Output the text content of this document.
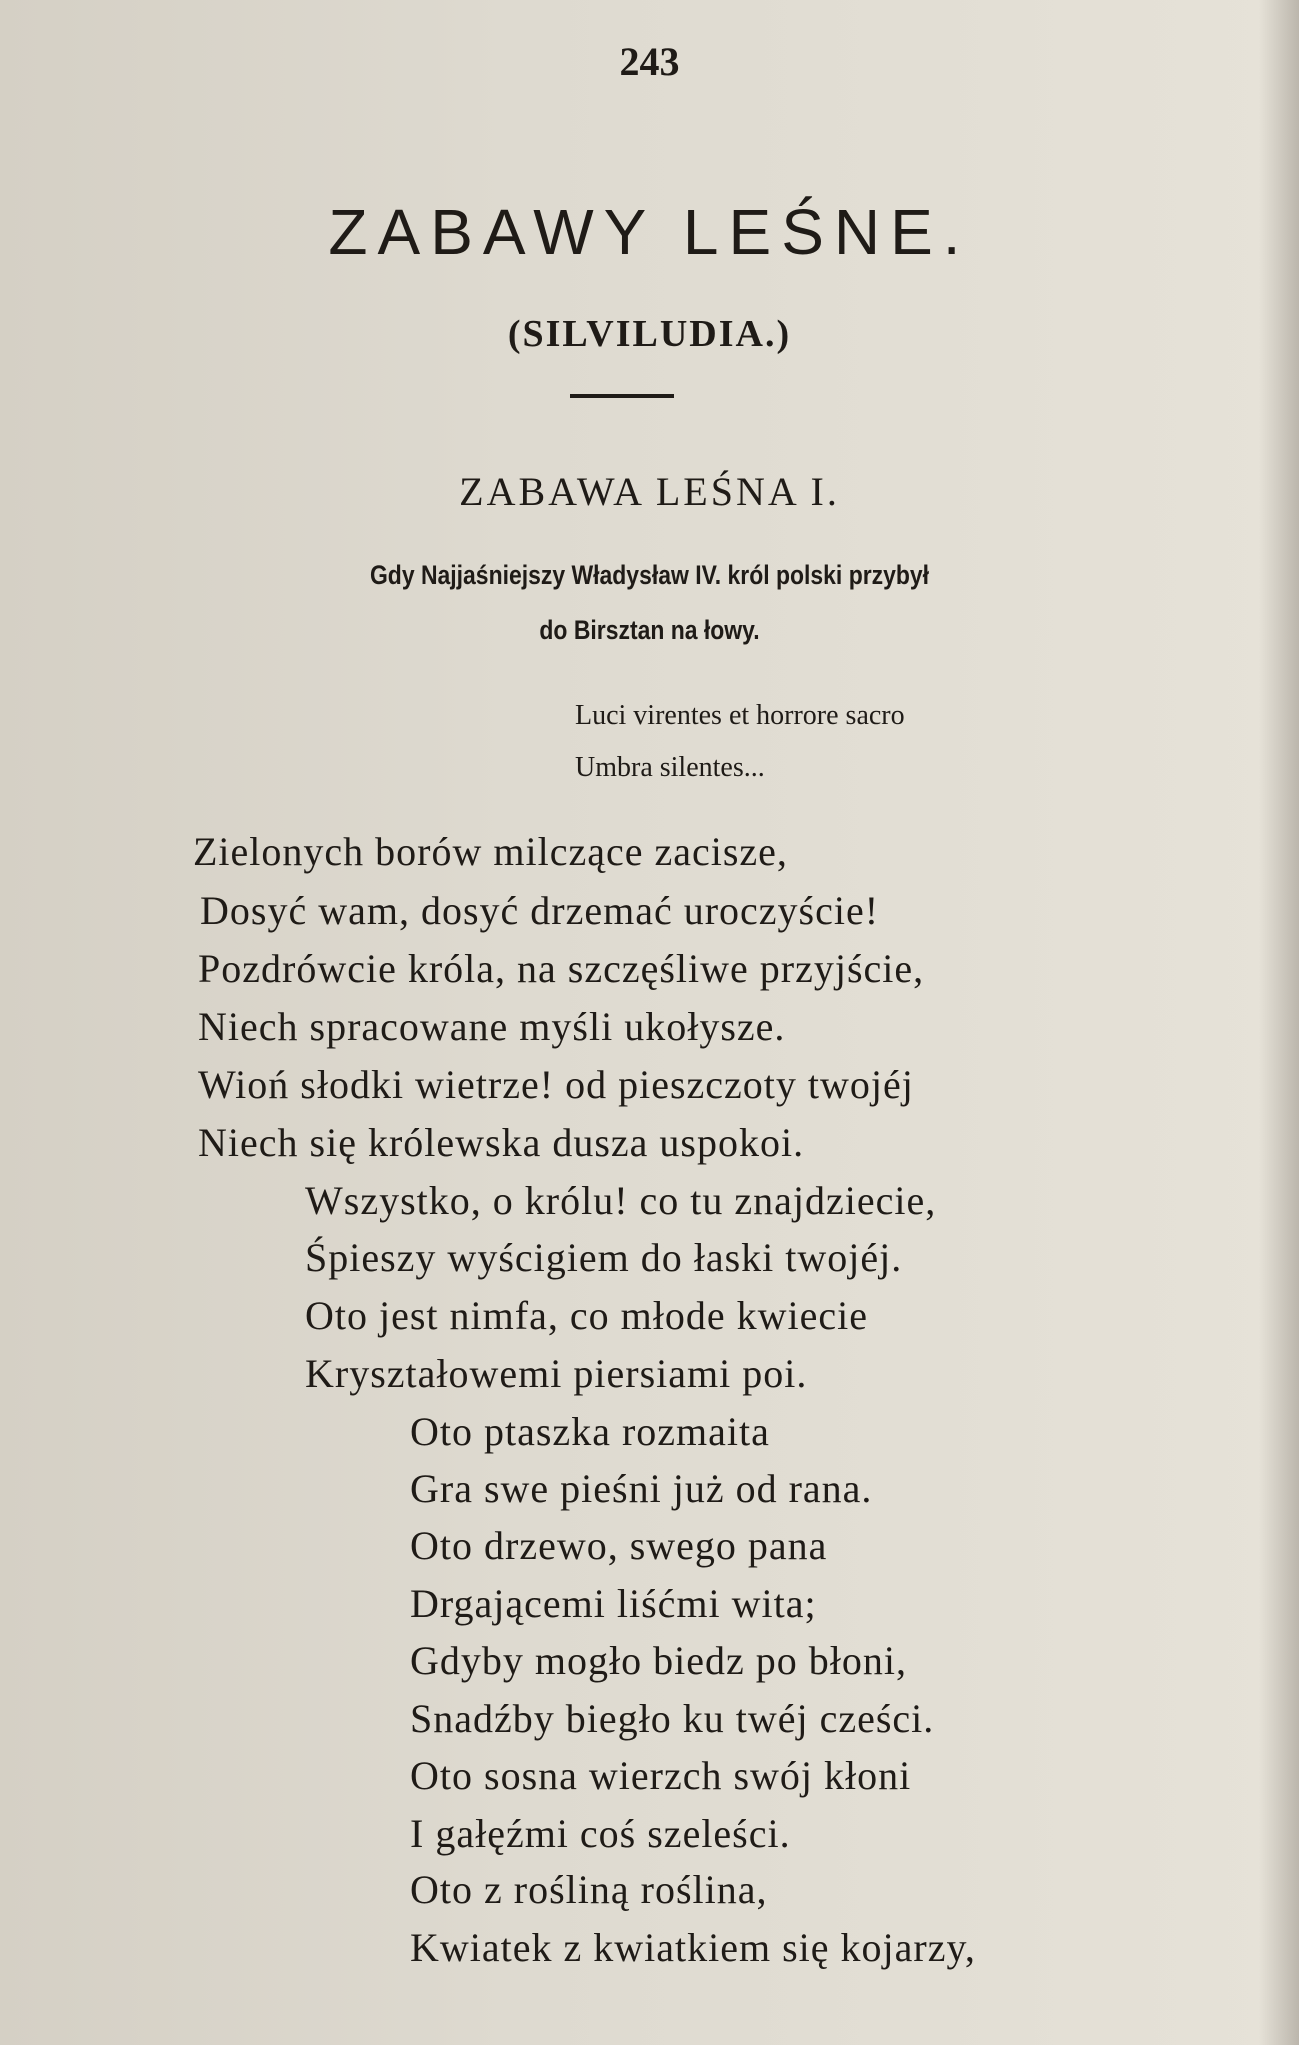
243
ZABAWY LEŚNE.
(SILVILUDIA.)
ZABAWA LEŚNA I.
Gdy Najjaśniejszy Władysław IV. król polski przybył
do Birsztan na łowy.
Luci virentes et horrore sacro
Umbra silentes...
Zielonych borów milczące zacisze,
Dosyć wam, dosyć drzemać uroczyście!
Pozdrówcie króla, na szczęśliwe przyjście,
Niech spracowane myśli ukołysze.
Wioń słodki wietrze! od pieszczoty twojéj
Niech się królewska dusza uspokoi.
Wszystko, o królu! co tu znajdziecie,
Śpieszy wyścigiem do łaski twojéj.
Oto jest nimfa, co młode kwiecie
Kryształowemi piersiami poi.
Oto ptaszka rozmaita
Gra swe pieśni już od rana.
Oto drzewo, swego pana
Drgającemi liśćmi wita;
Gdyby mogło biedz po błoni,
Snadźby biegło ku twéj cześci.
Oto sosna wierzch swój kłoni
I gałęźmi coś szeleści.
Oto z rośliną roślina,
Kwiatek z kwiatkiem się kojarzy,
